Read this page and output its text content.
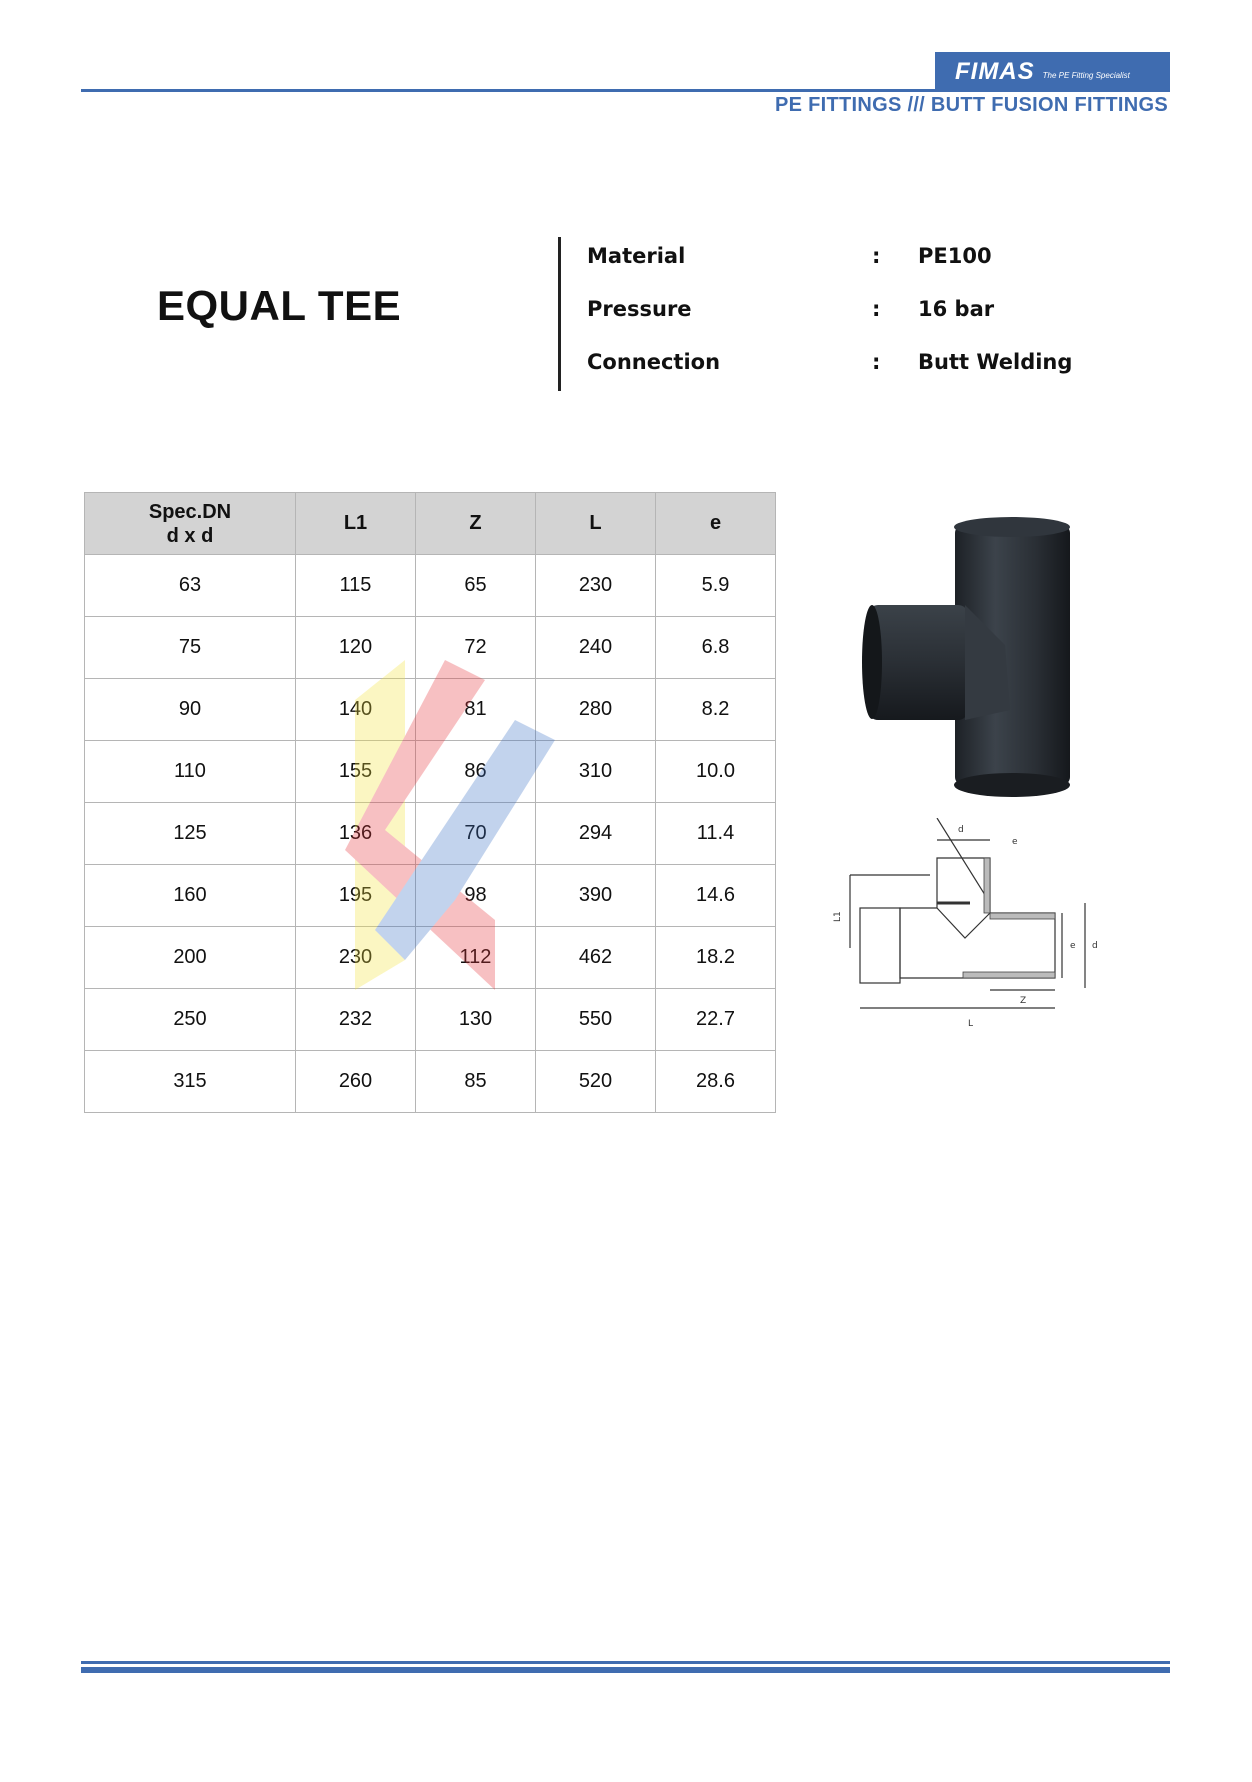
FIMAS The PE Fitting Specialist
PE FITTINGS /// BUTT FUSION FITTINGS
EQUAL TEE
Material	: PE100
Pressure	: 16 bar
Connection	: Butt Welding
Spec.DN
d x d	L1	Z	L	e
63	115	65	230	5.9
75	120	72	240	6.8
90	140	81	280	8.2
110	155	86	310	10.0
125	136	70	294	11.4
160	195	98	390	14.6
200	230	112	462	18.2
250	232	130	550	22.7
315	260	85	520	28.6
d
e
L1
Z
L
e d
